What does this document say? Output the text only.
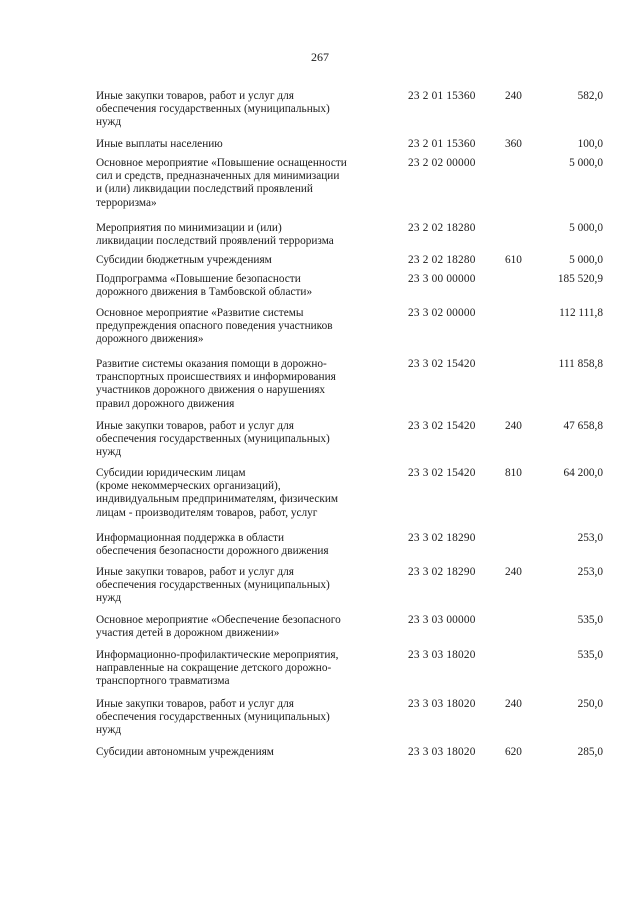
267
Иные закупки товаров, работ и услуг для
обеспечения государственных (муниципальных)
нужд
23 2 01 15360	240	582,0
Иные выплаты населению	23 2 01 15360	360	100,0
Основное мероприятие «Повышение оснащенности
сил и средств, предназначенных для минимизации
и (или) ликвидации последствий проявлений
терроризма»
23 2 02 00000	5 000,0
Мероприятия по минимизации и (или)
ликвидации последствий проявлений терроризма
23 2 02 18280	5 000,0
Субсидии бюджетным учреждениям	23 2 02 18280	610	5 000,0
Подпрограмма «Повышение безопасности
дорожного движения в Тамбовской области»
23 3 00 00000	185 520,9
Основное мероприятие «Развитие системы
предупреждения опасного поведения участников
дорожного движения»
23 3 02 00000	112 111,8
Развитие системы оказания помощи в дорожно-
транспортных происшествиях и информирования
участников дорожного движения о нарушениях
правил дорожного движения
23 3 02 15420	111 858,8
Иные закупки товаров, работ и услуг для
обеспечения государственных (муниципальных)
нужд
23 3 02 15420	240	47 658,8
Субсидии юридическим лицам
(кроме некоммерческих организаций),
индивидуальным предпринимателям, физическим
лицам - производителям товаров, работ, услуг
23 3 02 15420	810	64 200,0
Информационная поддержка в области
обеспечения безопасности дорожного движения
23 3 02 18290	253,0
Иные закупки товаров, работ и услуг для
обеспечения государственных (муниципальных)
нужд
23 3 02 18290	240	253,0
Основное мероприятие «Обеспечение безопасного
участия детей в дорожном движении»
23 3 03 00000	535,0
Информационно-профилактические мероприятия,
направленные на сокращение детского дорожно-
транспортного травматизма
23 3 03 18020	535,0
Иные закупки товаров, работ и услуг для
обеспечения государственных (муниципальных)
нужд
23 3 03 18020	240	250,0
Субсидии автономным учреждениям	23 3 03 18020	620	285,0
